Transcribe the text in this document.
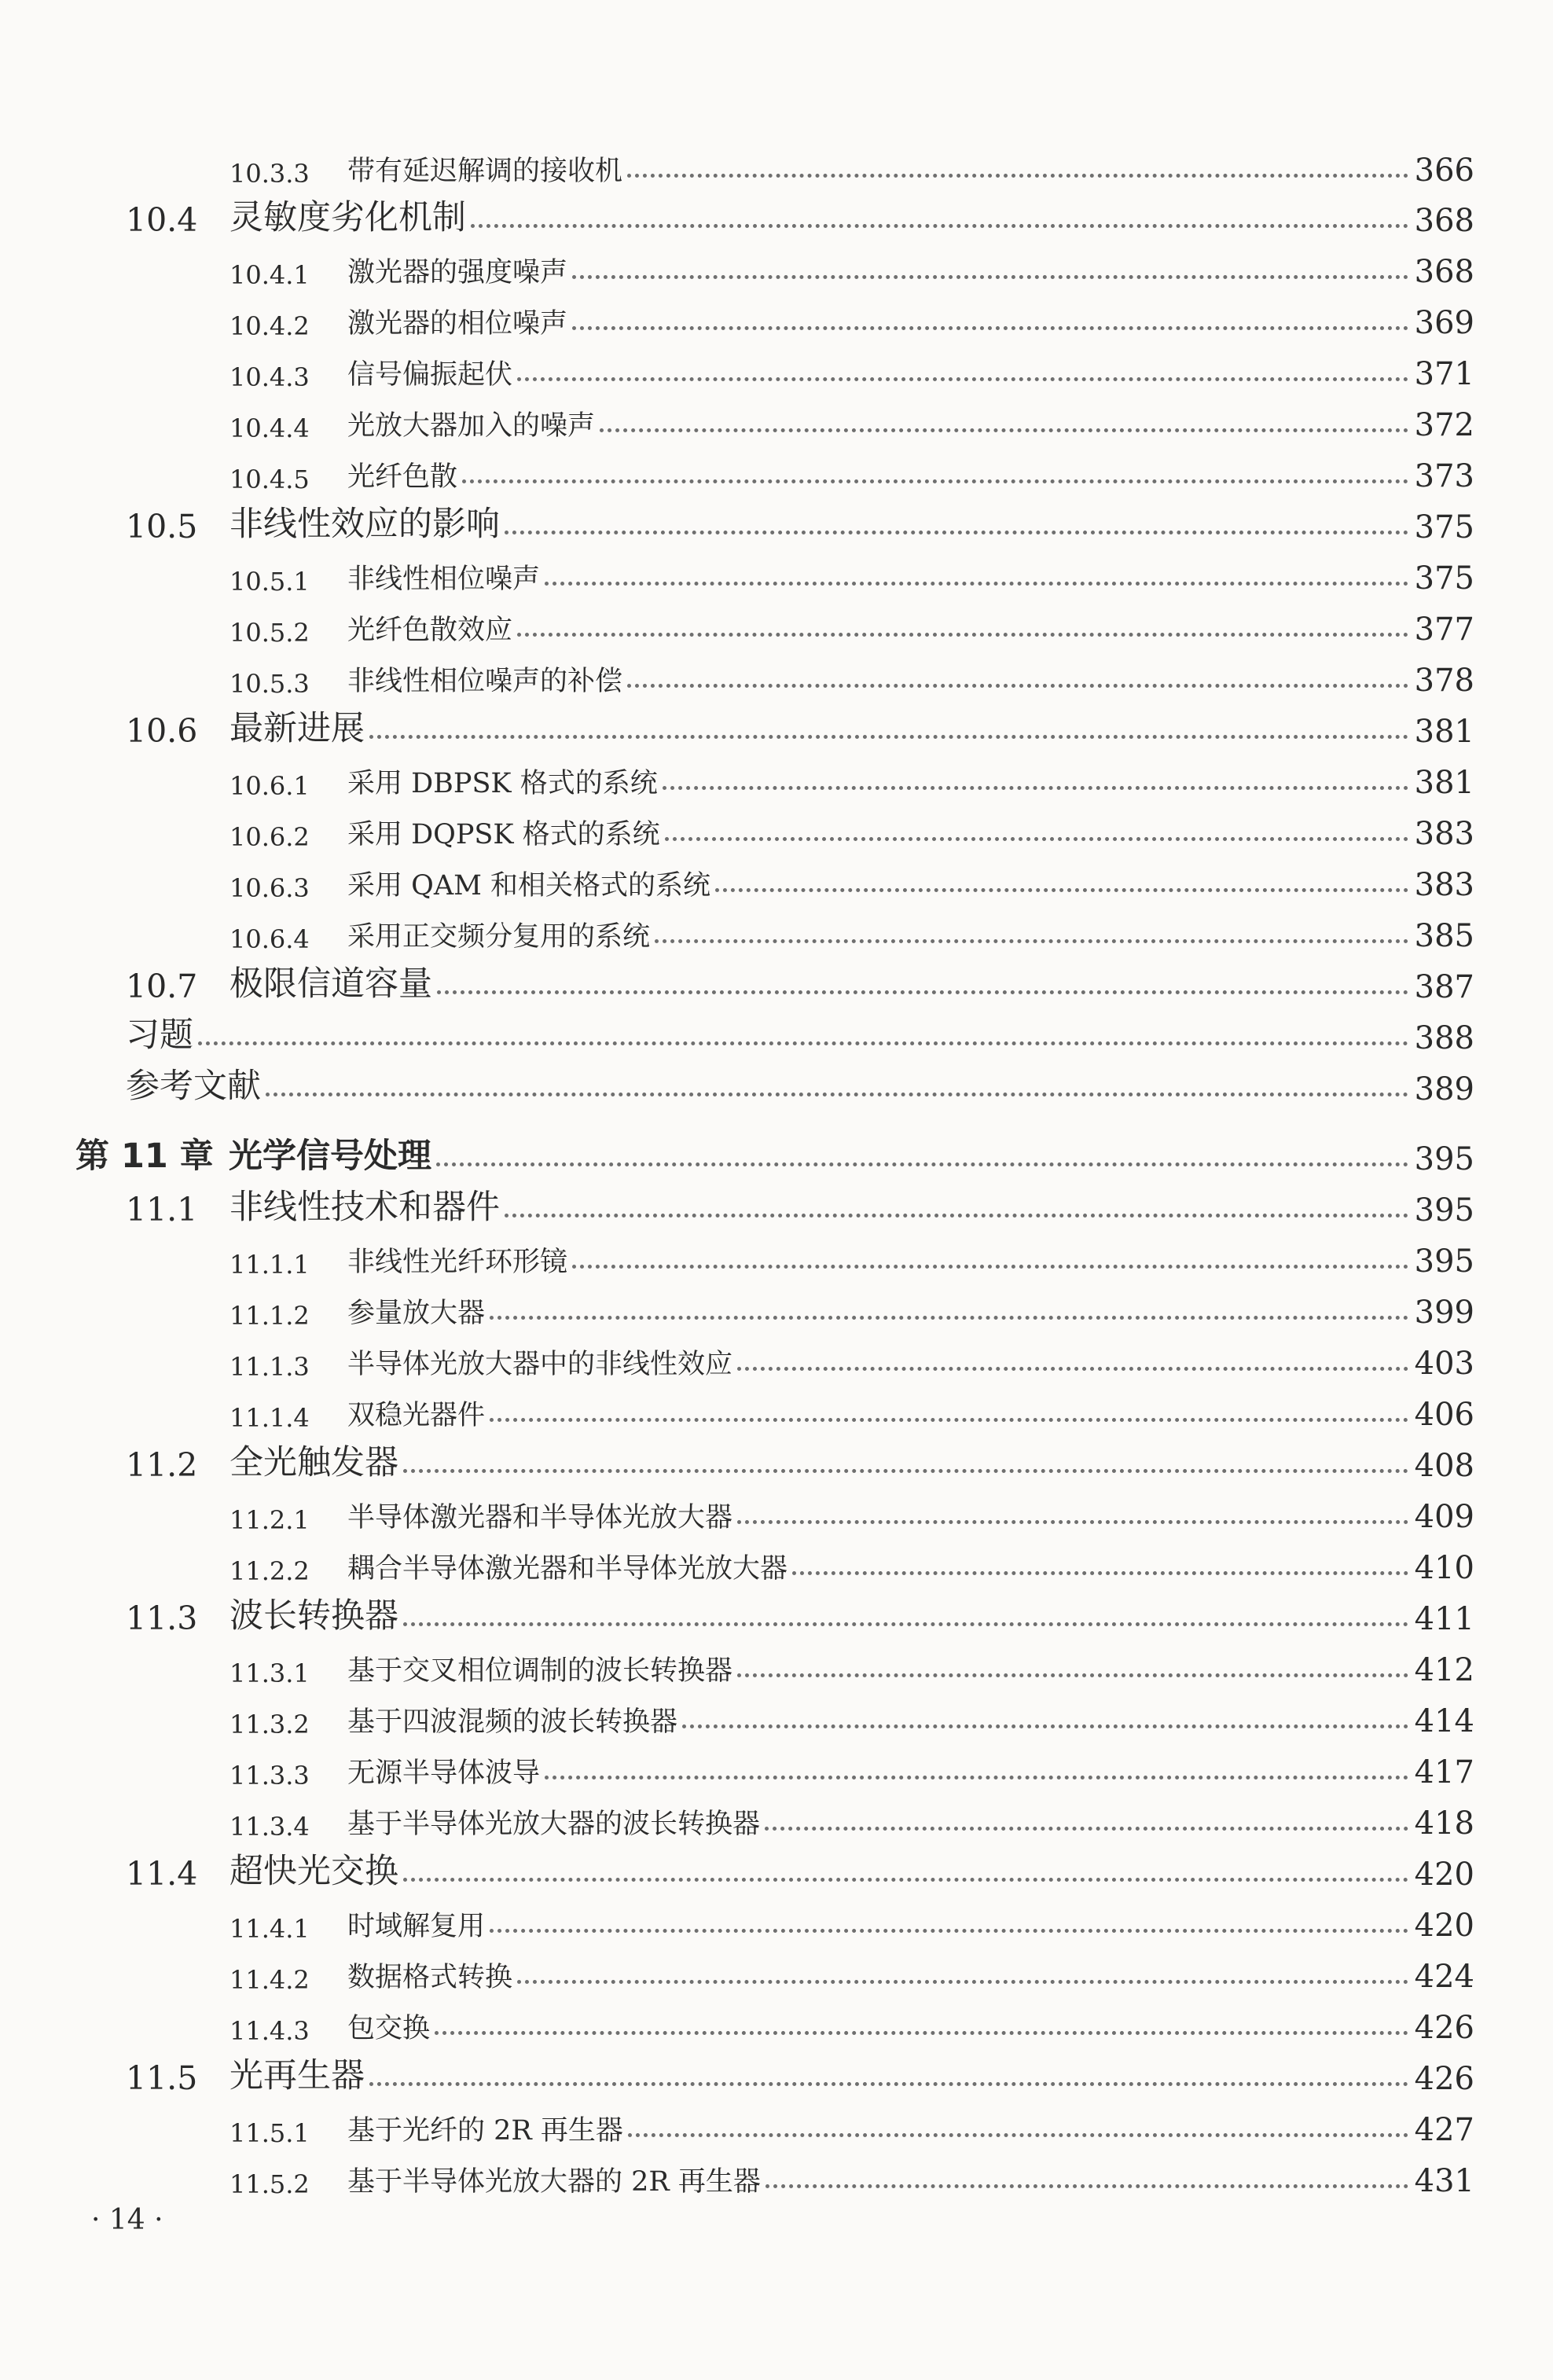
10.3.3	带有延迟解调的接收机	366
10.4 灵敏度劣化机制	368
10.4.1	激光器的强度噪声	368
10.4.2	激光器的相位噪声	369
10.4.3	信号偏振起伏	371
10.4.4	光放大器加入的噪声	372
10.4.5	光纤色散	373
10.5 非线性效应的影响	375
10.5.1	非线性相位噪声	375
10.5.2	光纤色散效应	377
10.5.3	非线性相位噪声的补偿	378
10.6 最新进展	381
10.6.1	采用 DBPSK 格式的系统	381
10.6.2	采用 DQPSK 格式的系统	383
10.6.3	采用 QAM 和相关格式的系统	383
10.6.4	采用正交频分复用的系统	385
10.7 极限信道容量	387
习题	388
参考文献	389
第 11 章 光学信号处理	395
11.1 非线性技术和器件	395
11.1.1	非线性光纤环形镜	395
11.1.2	参量放大器	399
11.1.3	半导体光放大器中的非线性效应	403
11.1.4	双稳光器件	406
11.2 全光触发器	408
11.2.1	半导体激光器和半导体光放大器	409
11.2.2	耦合半导体激光器和半导体光放大器	410
11.3 波长转换器	411
11.3.1	基于交叉相位调制的波长转换器	412
11.3.2	基于四波混频的波长转换器	414
11.3.3	无源半导体波导	417
11.3.4	基于半导体光放大器的波长转换器	418
11.4 超快光交换	420
11.4.1	时域解复用	420
11.4.2	数据格式转换	424
11.4.3	包交换	426
11.5 光再生器	426
11.5.1	基于光纤的 2R 再生器	427
11.5.2	基于半导体光放大器的 2R 再生器	431
· 14 ·
